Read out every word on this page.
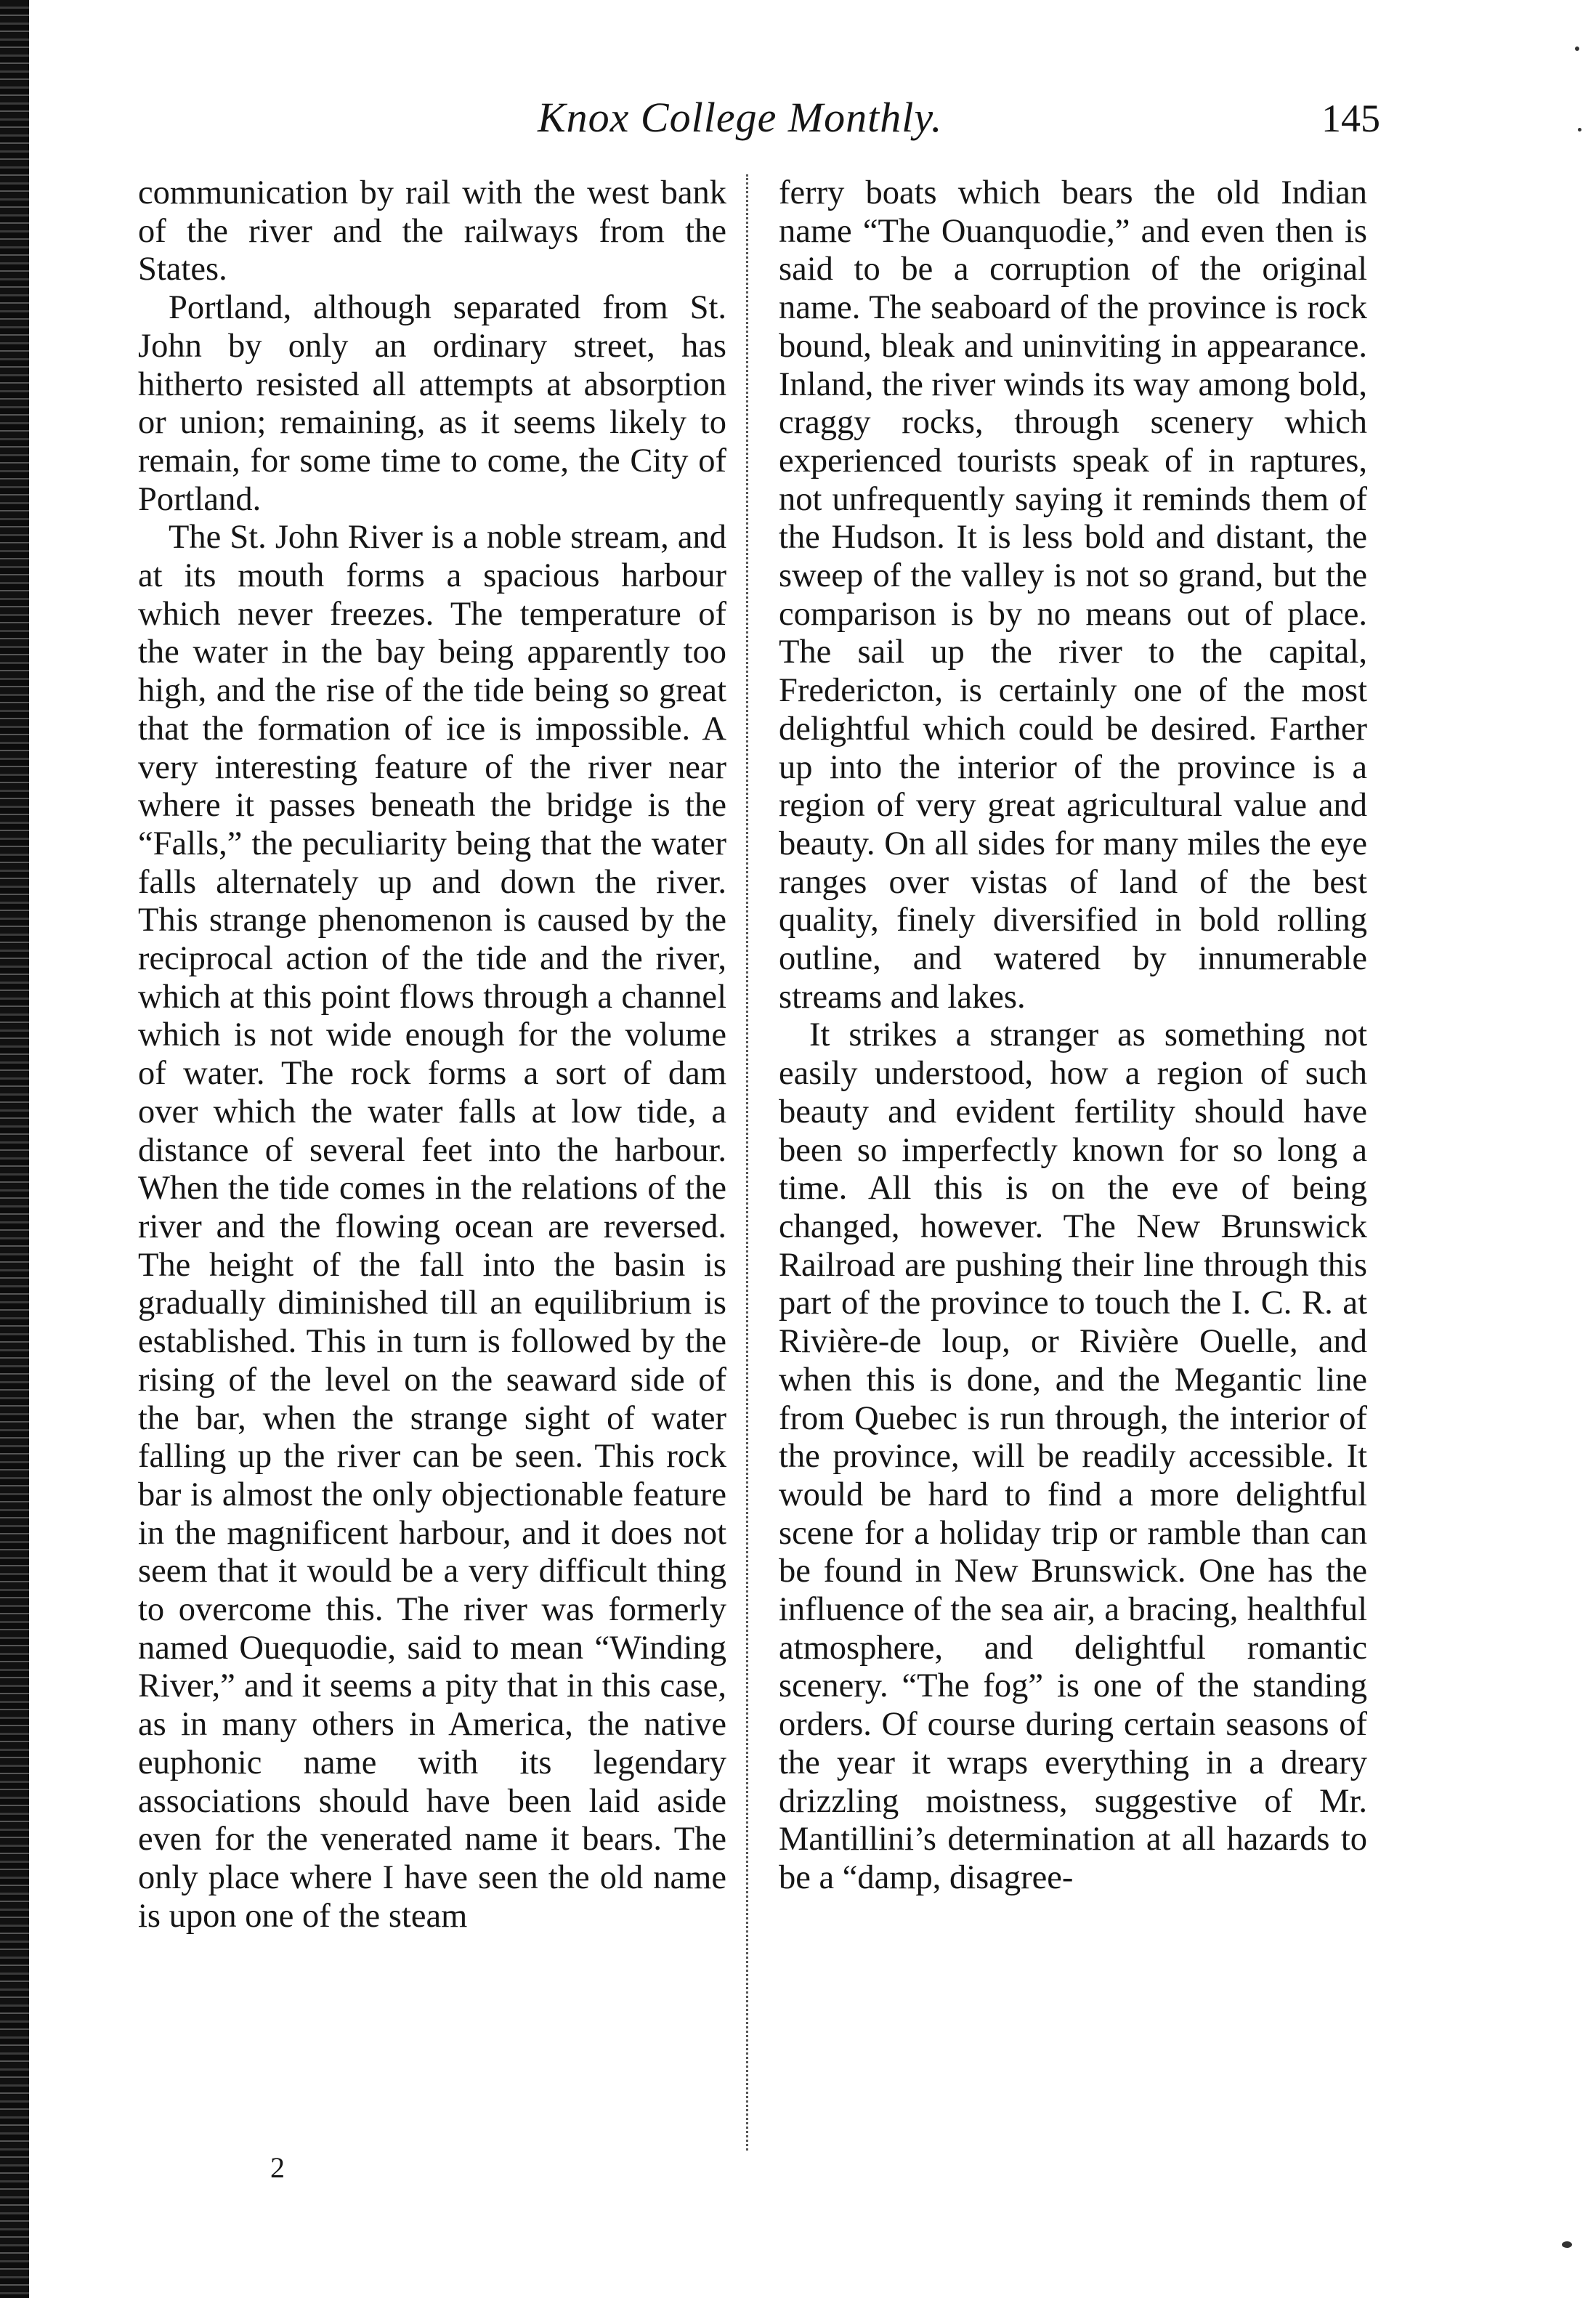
Knox College Monthly.	145

communication by rail with the west bank of the river and the railways from the States.

Portland, although separated from St. John by only an ordinary street, has hitherto resisted all attempts at absorption or union; remaining, as it seems likely to remain, for some time to come, the City of Portland.

The St. John River is a noble stream, and at its mouth forms a spacious harbour which never freezes. The temperature of the water in the bay being apparently too high, and the rise of the tide being so great that the formation of ice is impossible. A very interesting feature of the river near where it passes beneath the bridge is the “Falls,” the peculiarity being that the water falls alternately up and down the river. This strange phenomenon is caused by the reciprocal action of the tide and the river, which at this point flows through a channel which is not wide enough for the volume of water. The rock forms a sort of dam over which the water falls at low tide, a distance of several feet into the harbour. When the tide comes in the relations of the river and the flowing ocean are reversed. The height of the fall into the basin is gradually diminished till an equilibrium is established. This in turn is followed by the rising of the level on the seaward side of the bar, when the strange sight of water falling up the river can be seen. This rock bar is almost the only objectionable feature in the magnificent harbour, and it does not seem that it would be a very difficult thing to overcome this. The river was formerly named Ouequodie, said to mean “Winding River,” and it seems a pity that in this case, as in many others in America, the native euphonic name with its legendary associations should have been laid aside even for the venerated name it bears. The only place where I have seen the old name is upon one of the steam

ferry boats which bears the old Indian name “The Ouanquodie,” and even then is said to be a corruption of the original name. The seaboard of the province is rock bound, bleak and uninviting in appearance. Inland, the river winds its way among bold, craggy rocks, through scenery which experienced tourists speak of in raptures, not unfrequently saying it reminds them of the Hudson. It is less bold and distant, the sweep of the valley is not so grand, but the comparison is by no means out of place. The sail up the river to the capital, Fredericton, is certainly one of the most delightful which could be desired. Farther up into the interior of the province is a region of very great agricultural value and beauty. On all sides for many miles the eye ranges over vistas of land of the best quality, finely diversified in bold rolling outline, and watered by innumerable streams and lakes.

It strikes a stranger as something not easily understood, how a region of such beauty and evident fertility should have been so imperfectly known for so long a time. All this is on the eve of being changed, however. The New Brunswick Railroad are pushing their line through this part of the province to touch the I. C. R. at Rivière-de loup, or Rivière Ouelle, and when this is done, and the Megantic line from Quebec is run through, the interior of the province, will be readily accessible. It would be hard to find a more delightful scene for a holiday trip or ramble than can be found in New Brunswick. One has the influence of the sea air, a bracing, healthful atmosphere, and delightful romantic scenery. “The fog” is one of the standing orders. Of course during certain seasons of the year it wraps everything in a dreary drizzling moistness, suggestive of Mr. Mantillini’s determination at all hazards to be a “damp, disagree-

2
